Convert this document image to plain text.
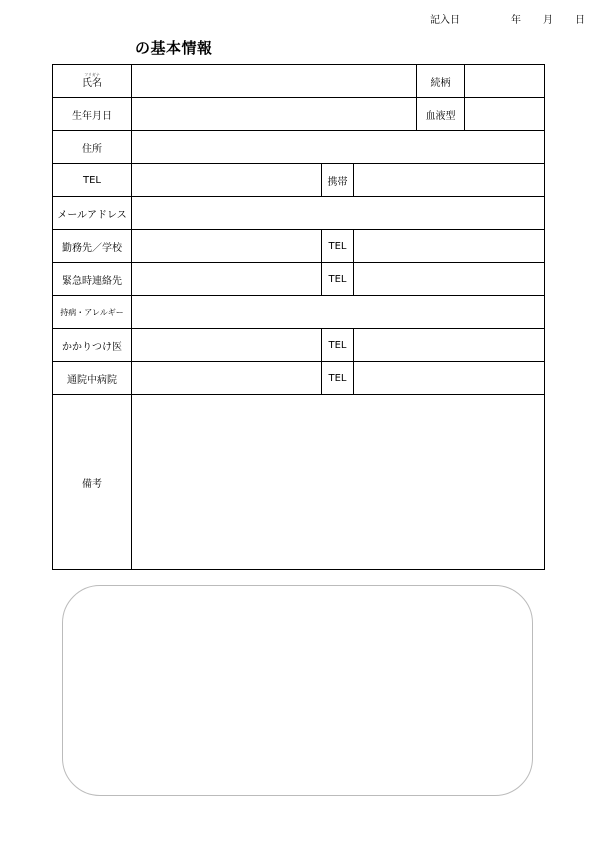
記入日	年 月 日
の基本情報
フリガナ
氏名				続柄	
生年月日				血液型	
住所					
TEL		携帯			
メールアドレス					
勤務先／学校		TEL			
緊急時連絡先		TEL			
持病・アレルギー					
かかりつけ医		TEL			
通院中病院		TEL			
備考					
